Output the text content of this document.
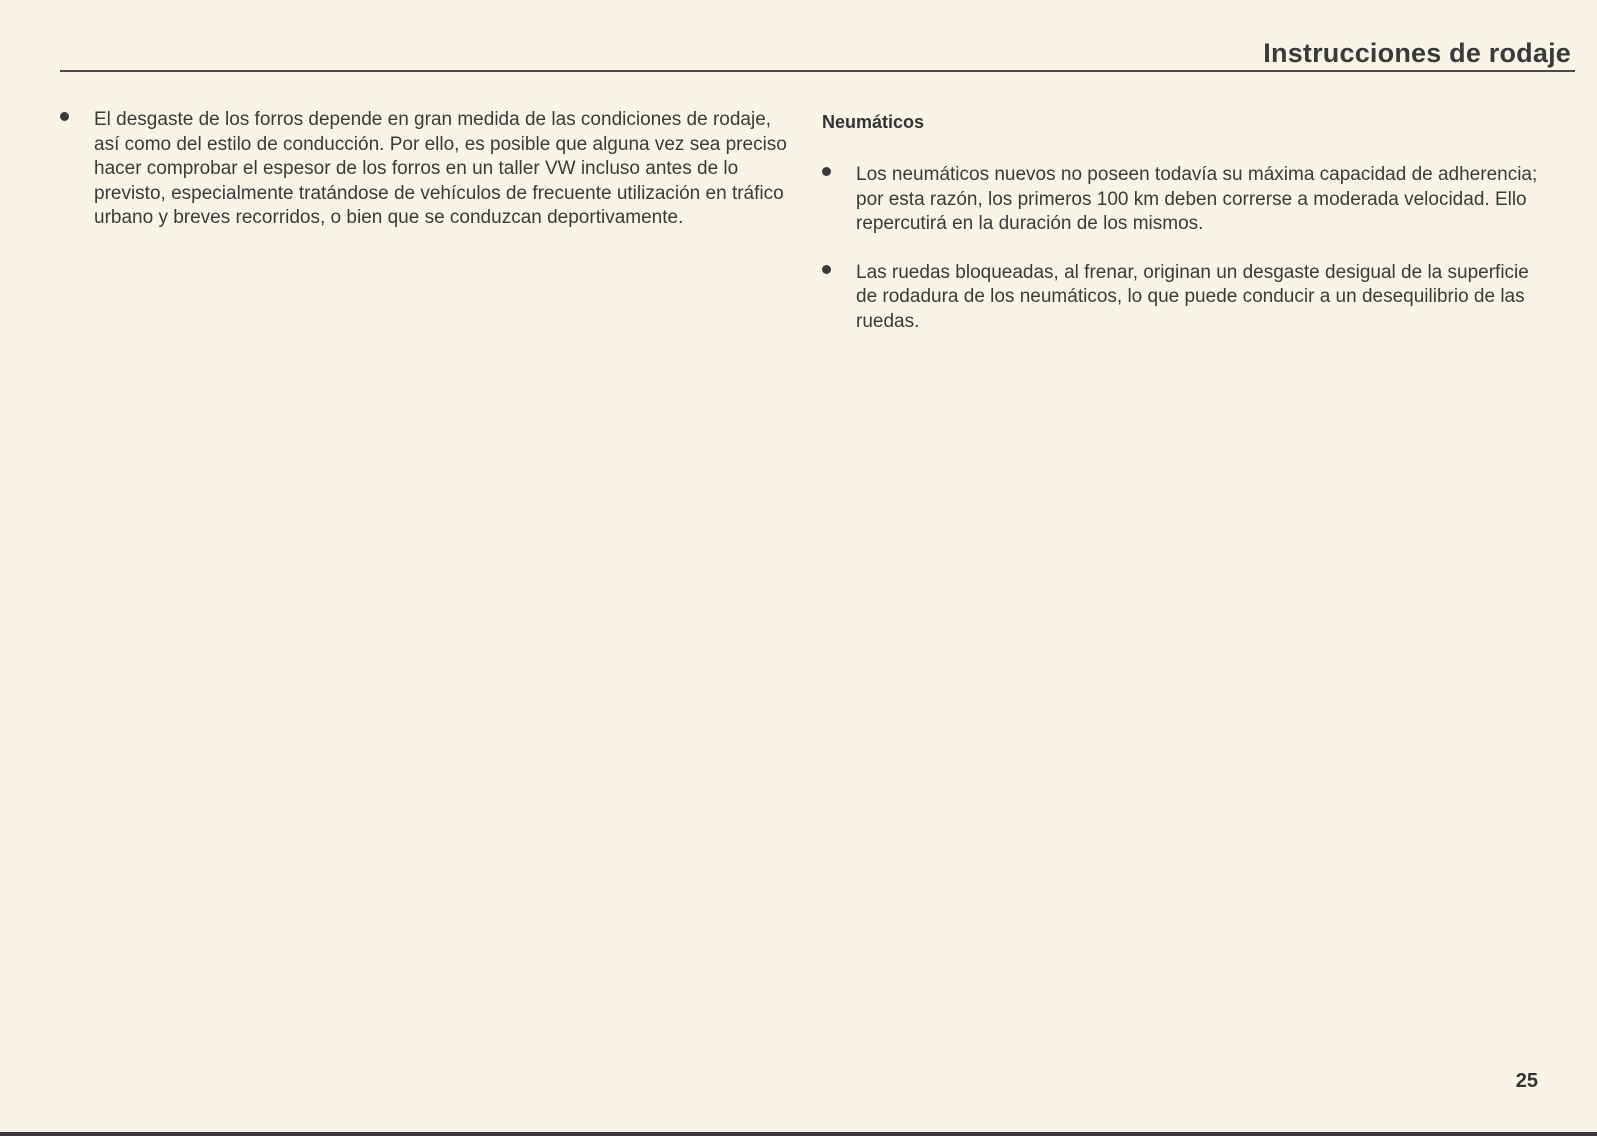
Instrucciones de rodaje
El desgaste de los forros depende en gran medida de las condiciones de rodaje, así como del estilo de conducción. Por ello, es posible que alguna vez sea preciso hacer comprobar el espesor de los forros en un taller VW incluso antes de lo previsto, especialmente tratándose de vehículos de frecuente utilización en tráfico urbano y breves recorridos, o bien que se conduzcan deportivamente.
Neumáticos
Los neumáticos nuevos no poseen todavía su máxima capacidad de adherencia; por esta razón, los primeros 100 km deben correrse a moderada velocidad. Ello repercutirá en la duración de los mismos.
Las ruedas bloqueadas, al frenar, originan un desgaste desigual de la superficie de rodadura de los neumáticos, lo que puede conducir a un desequilibrio de las ruedas.
25
